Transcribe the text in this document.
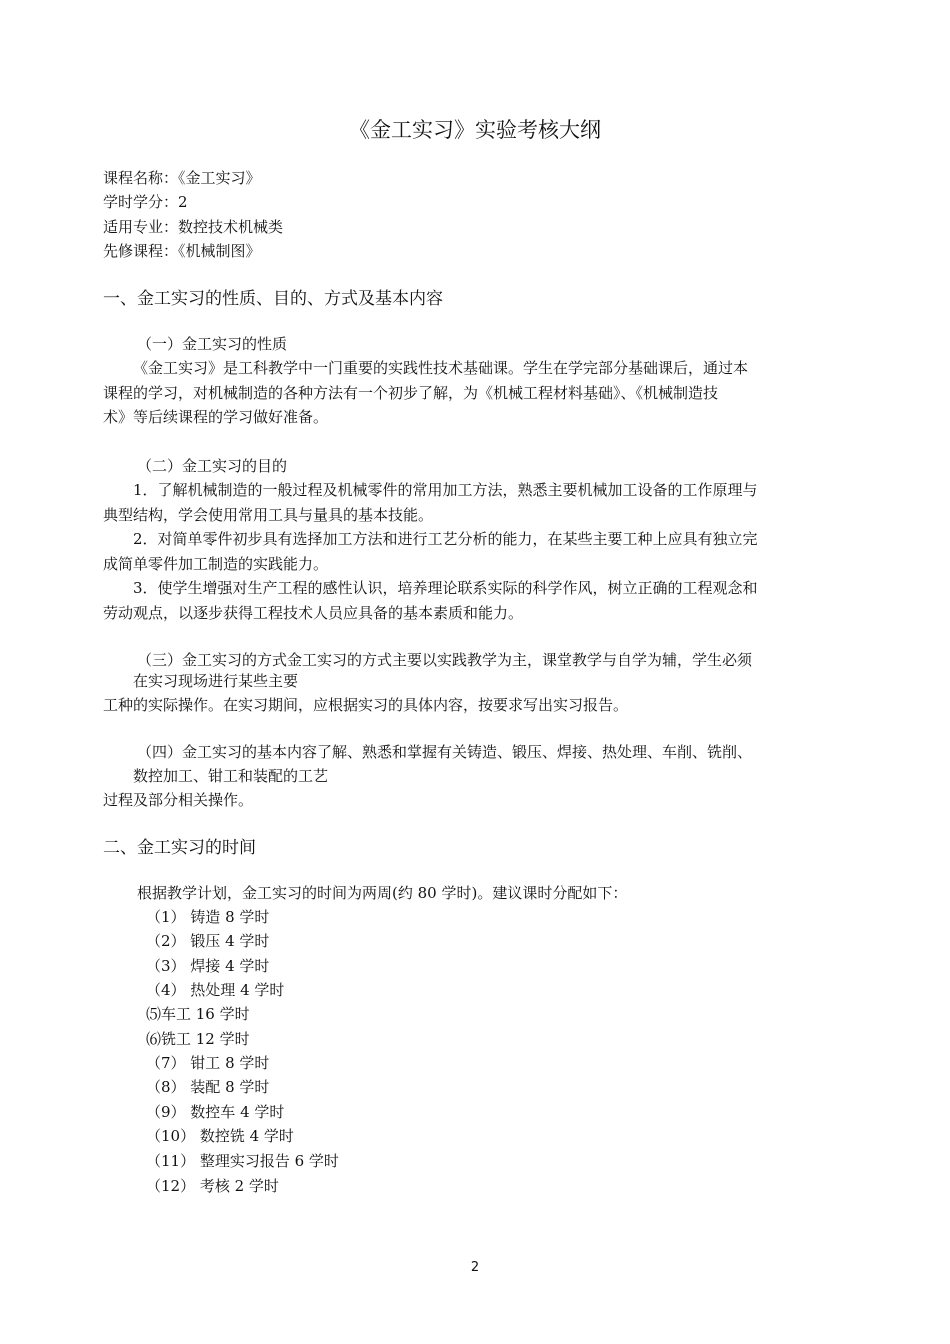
《金工实习》实验考核大纲
课程名称：《金工实习》
学时学分：2
适用专业：数控技术机械类
先修课程：《机械制图》
一、金工实习的性质、目的、方式及基本内容
（一）金工实习的性质
《金工实习》是工科教学中一门重要的实践性技术基础课。学生在学完部分基础课后，通过本
课程的学习，对机械制造的各种方法有一个初步了解，为《机械工程材料基础》、《机械制造技
术》等后续课程的学习做好准备。
（二）金工实习的目的
1．了解机械制造的一般过程及机械零件的常用加工方法，熟悉主要机械加工设备的工作原理与
典型结构，学会使用常用工具与量具的基本技能。
2．对简单零件初步具有选择加工方法和进行工艺分析的能力，在某些主要工种上应具有独立完
成简单零件加工制造的实践能力。
3．使学生增强对生产工程的感性认识，培养理论联系实际的科学作风，树立正确的工程观念和
劳动观点，以逐步获得工程技术人员应具备的基本素质和能力。
（三）金工实习的方式金工实习的方式主要以实践教学为主，课堂教学与自学为辅，学生必须
在实习现场进行某些主要
工种的实际操作。在实习期间，应根据实习的具体内容，按要求写出实习报告。
（四）金工实习的基本内容了解、熟悉和掌握有关铸造、锻压、焊接、热处理、车削、铣削、
数控加工、钳工和装配的工艺
过程及部分相关操作。
二、金工实习的时间
根据教学计划，金工实习的时间为两周(约 80 学时)。建议课时分配如下：
（1） 铸造 8 学时
（2） 锻压 4 学时
（3） 焊接 4 学时
（4） 热处理 4 学时
⑸车工 16 学时
⑹铣工 12 学时
（7） 钳工 8 学时
（8） 装配 8 学时
（9） 数控车 4 学时
（10） 数控铣 4 学时
（11） 整理实习报告 6 学时
（12） 考核 2 学时
2
